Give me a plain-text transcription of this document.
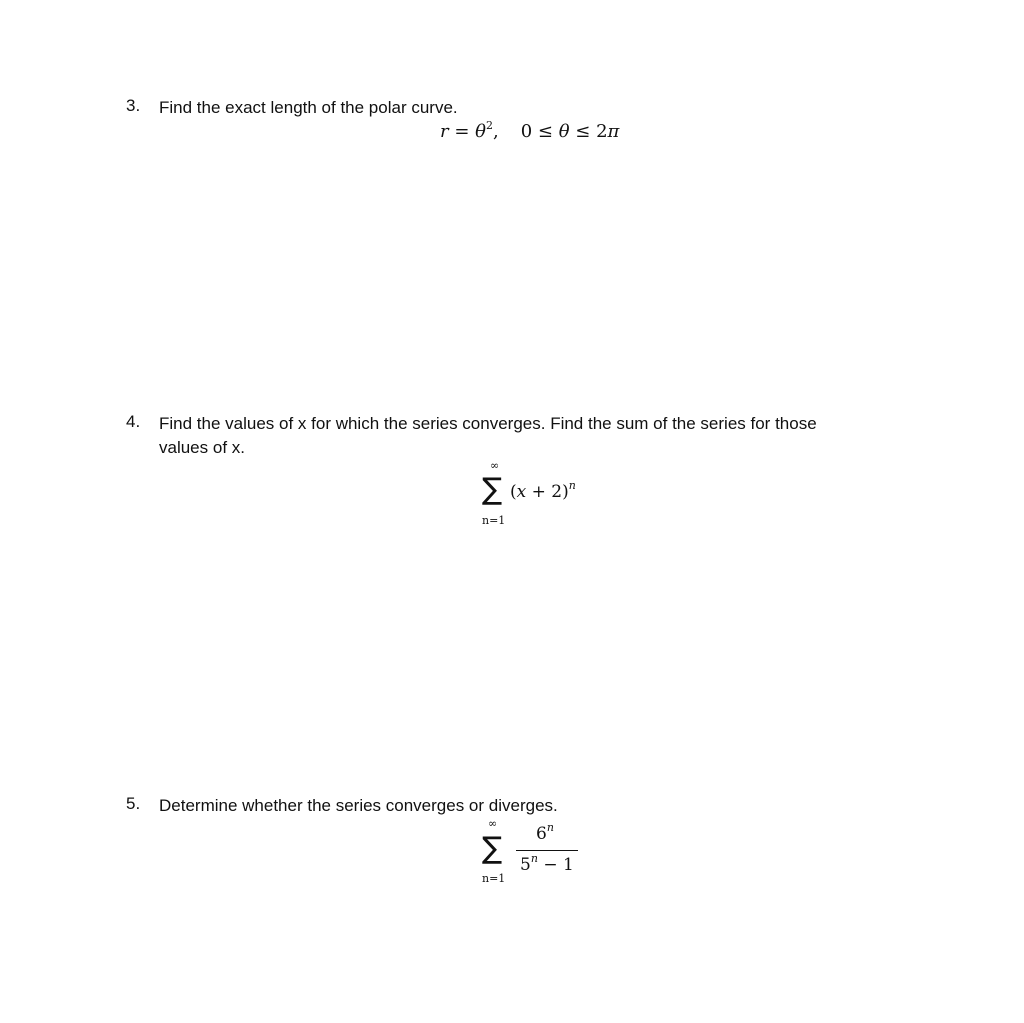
3. Find the exact length of the polar curve.
$r = \theta^2$, 0 ≤ θ ≤ 2π
4. Find the values of x for which the series converges. Find the sum of the series for those
values of x.
∞
∑
n=1
$(x + 2)^n$
5. Determine whether the series converges or diverges.
∞
∑
n=1
6$^n$
$5^n - 1$
